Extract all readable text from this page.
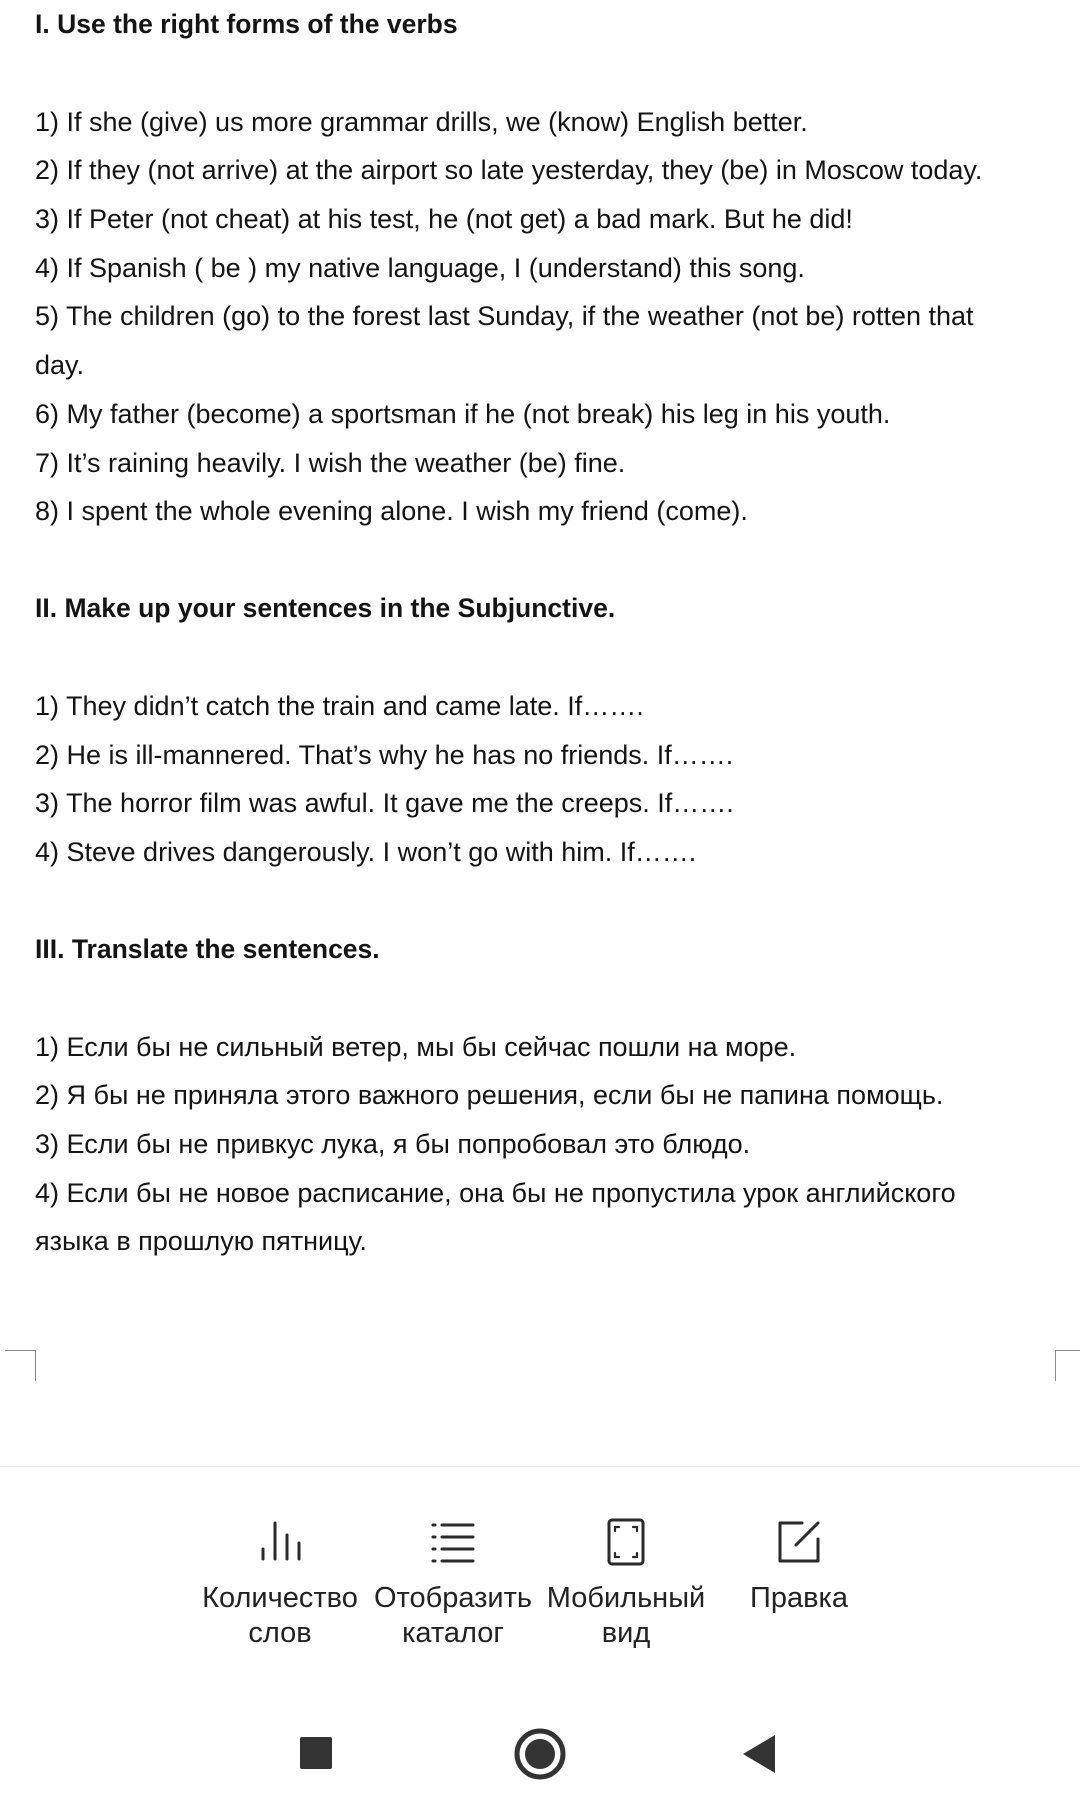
I. Use the right forms of the verbs
1) If she (give) us more grammar drills, we (know) English better.
2) If they (not arrive) at the airport so late yesterday, they (be) in Moscow today.
3) If Peter (not cheat) at his test, he (not get) a bad mark. But he did!
4) If Spanish ( be ) my native language, I (understand) this song.
5) The children (go) to the forest last Sunday, if the weather (not be) rotten that
day.
6) My father (become) a sportsman if he (not break) his leg in his youth.
7) It’s raining heavily. I wish the weather (be) fine.
8) I spent the whole evening alone. I wish my friend (come).
II. Make up your sentences in the Subjunctive.
1) They didn’t catch the train and came late. If…….
2) He is ill-mannered. That’s why he has no friends. If…….
3) The horror film was awful. It gave me the creeps. If…….
4) Steve drives dangerously. I won’t go with him. If…….
III. Translate the sentences.
1) Если бы не сильный ветер, мы бы сейчас пошли на море.
2) Я бы не приняла этого важного решения, если бы не папина помощь.
3) Если бы не привкус лука, я бы попробовал это блюдо.
4) Если бы не новое расписание, она бы не пропустила урок английского
языка в прошлую пятницу.
Количество слов
Отобразить каталог
Мобильный вид
Правка
